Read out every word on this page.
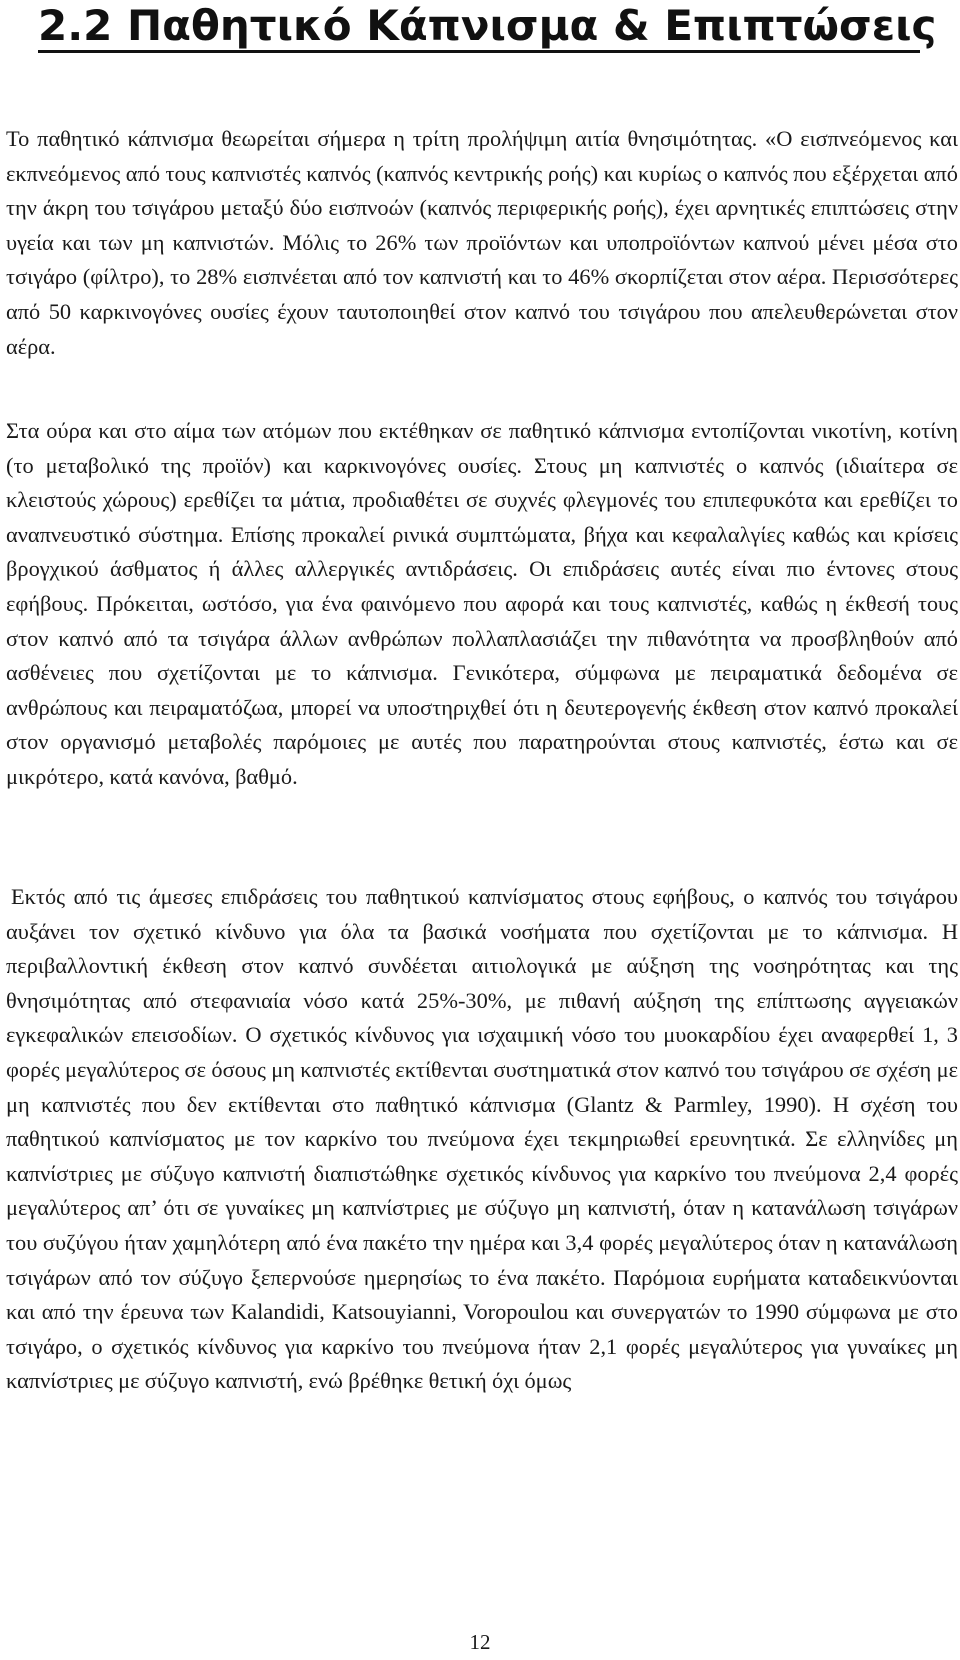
2.2 Παθητικό Κάπνισμα & Επιπτώσεις

Το παθητικό κάπνισμα θεωρείται σήμερα η τρίτη προλήψιμη αιτία θνησιμότητας. «Ο εισπνεόμενος και εκπνεόμενος από τους καπνιστές καπνός (καπνός κεντρικής ροής) και κυρίως ο καπνός που εξέρχεται από την άκρη του τσιγάρου μεταξύ δύο εισπνοών (καπνός περιφερικής ροής), έχει αρνητικές επιπτώσεις στην υγεία και των μη καπνιστών. Μόλις το 26% των προϊόντων και υποπροϊόντων καπνού μένει μέσα στο τσιγάρο (φίλτρο), το 28% εισπνέεται από τον καπνιστή και το 46% σκορπίζεται στον αέρα. Περισσότερες από 50 καρκινογόνες ουσίες έχουν ταυτοποιηθεί στον καπνό του τσιγάρου που απελευθερώνεται στον αέρα.

Στα ούρα και στο αίμα των ατόμων που εκτέθηκαν σε παθητικό κάπνισμα εντοπίζονται νικοτίνη, κοτίνη (το μεταβολικό της προϊόν) και καρκινογόνες ουσίες. Στους μη καπνιστές ο καπνός (ιδιαίτερα σε κλειστούς χώρους) ερεθίζει τα μάτια, προδιαθέτει σε συχνές φλεγμονές του επιπεφυκότα και ερεθίζει το αναπνευστικό σύστημα. Επίσης προκαλεί ρινικά συμπτώματα, βήχα και κεφαλαλγίες καθώς και κρίσεις βρογχικού άσθματος ή άλλες αλλεργικές αντιδράσεις. Οι επιδράσεις αυτές είναι πιο έντονες στους εφήβους. Πρόκειται, ωστόσο, για ένα φαινόμενο που αφορά και τους καπνιστές, καθώς η έκθεσή τους στον καπνό από τα τσιγάρα άλλων ανθρώπων πολλαπλασιάζει την πιθανότητα να προσβληθούν από ασθένειες που σχετίζονται με το κάπνισμα. Γενικότερα, σύμφωνα με πειραματικά δεδομένα σε ανθρώπους και πειραματόζωα, μπορεί να υποστηριχθεί ότι η δευτερογενής έκθεση στον καπνό προκαλεί στον οργανισμό μεταβολές παρόμοιες με αυτές που παρατηρούνται στους καπνιστές, έστω και σε μικρότερο, κατά κανόνα, βαθμό.

Εκτός από τις άμεσες επιδράσεις του παθητικού καπνίσματος στους εφήβους, ο καπνός του τσιγάρου αυξάνει τον σχετικό κίνδυνο για όλα τα βασικά νοσήματα που σχετίζονται με το κάπνισμα. Η περιβαλλοντική έκθεση στον καπνό συνδέεται αιτιολογικά με αύξηση της νοσηρότητας και της θνησιμότητας από στεφανιαία νόσο κατά 25%-30%, με πιθανή αύξηση της επίπτωσης αγγειακών εγκεφαλικών επεισοδίων. Ο σχετικός κίνδυνος για ισχαιμική νόσο του μυοκαρδίου έχει αναφερθεί 1, 3 φορές μεγαλύτερος σε όσους μη καπνιστές εκτίθενται συστηματικά στον καπνό του τσιγάρου σε σχέση με μη καπνιστές που δεν εκτίθενται στο παθητικό κάπνισμα (Glantz & Parmley, 1990). Η σχέση του παθητικού καπνίσματος με τον καρκίνο του πνεύμονα έχει τεκμηριωθεί ερευνητικά. Σε ελληνίδες μη καπνίστριες με σύζυγο καπνιστή διαπιστώθηκε σχετικός κίνδυνος για καρκίνο του πνεύμονα 2,4 φορές μεγαλύτερος απ’ ότι σε γυναίκες μη καπνίστριες με σύζυγο μη καπνιστή, όταν η κατανάλωση τσιγάρων του συζύγου ήταν χαμηλότερη από ένα πακέτο την ημέρα και 3,4 φορές μεγαλύτερος όταν η κατανάλωση τσιγάρων από τον σύζυγο ξεπερνούσε ημερησίως το ένα πακέτο. Παρόμοια ευρήματα καταδεικνύονται και από την έρευνα των Kalandidi, Katsouyianni, Voropoulou και συνεργατών το 1990 σύμφωνα με στο τσιγάρο, ο σχετικός κίνδυνος για καρκίνο του πνεύμονα ήταν 2,1 φορές μεγαλύτερος για γυναίκες μη καπνίστριες με σύζυγο καπνιστή, ενώ βρέθηκε θετική όχι όμως

12
